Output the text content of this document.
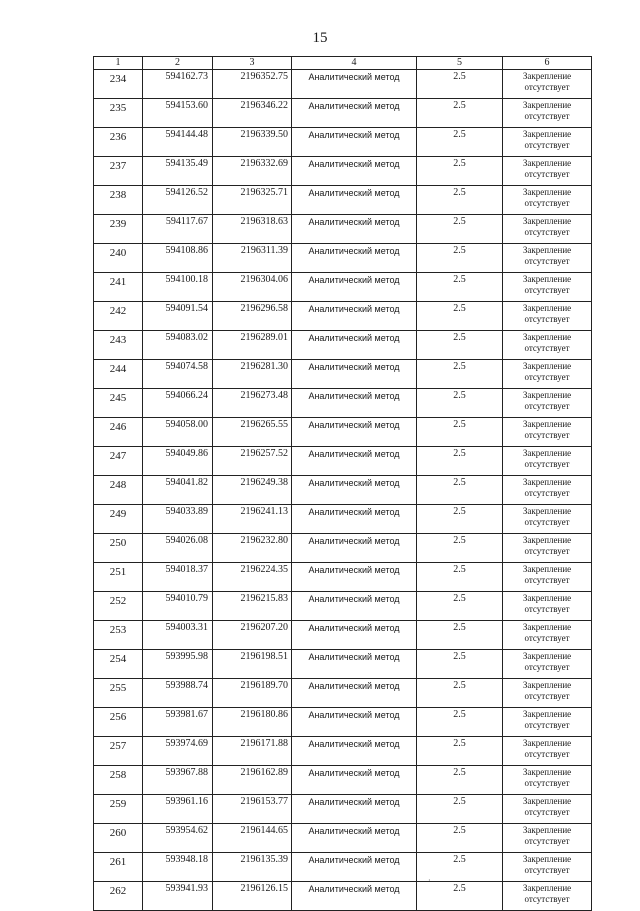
15
1	2	3	4	5	6
234	594162.73	2196352.75	Аналитический метод	2.5	Закрепление отсутствует
235	594153.60	2196346.22	Аналитический метод	2.5	Закрепление отсутствует
236	594144.48	2196339.50	Аналитический метод	2.5	Закрепление отсутствует
237	594135.49	2196332.69	Аналитический метод	2.5	Закрепление отсутствует
238	594126.52	2196325.71	Аналитический метод	2.5	Закрепление отсутствует
239	594117.67	2196318.63	Аналитический метод	2.5	Закрепление отсутствует
240	594108.86	2196311.39	Аналитический метод	2.5	Закрепление отсутствует
241	594100.18	2196304.06	Аналитический метод	2.5	Закрепление отсутствует
242	594091.54	2196296.58	Аналитический метод	2.5	Закрепление отсутствует
243	594083.02	2196289.01	Аналитический метод	2.5	Закрепление отсутствует
244	594074.58	2196281.30	Аналитический метод	2.5	Закрепление отсутствует
245	594066.24	2196273.48	Аналитический метод	2.5	Закрепление отсутствует
246	594058.00	2196265.55	Аналитический метод	2.5	Закрепление отсутствует
247	594049.86	2196257.52	Аналитический метод	2.5	Закрепление отсутствует
248	594041.82	2196249.38	Аналитический метод	2.5	Закрепление отсутствует
249	594033.89	2196241.13	Аналитический метод	2.5	Закрепление отсутствует
250	594026.08	2196232.80	Аналитический метод	2.5	Закрепление отсутствует
251	594018.37	2196224.35	Аналитический метод	2.5	Закрепление отсутствует
252	594010.79	2196215.83	Аналитический метод	2.5	Закрепление отсутствует
253	594003.31	2196207.20	Аналитический метод	2.5	Закрепление отсутствует
254	593995.98	2196198.51	Аналитический метод	2.5	Закрепление отсутствует
255	593988.74	2196189.70	Аналитический метод	2.5	Закрепление отсутствует
256	593981.67	2196180.86	Аналитический метод	2.5	Закрепление отсутствует
257	593974.69	2196171.88	Аналитический метод	2.5	Закрепление отсутствует
258	593967.88	2196162.89	Аналитический метод	2.5	Закрепление отсутствует
259	593961.16	2196153.77	Аналитический метод	2.5	Закрепление отсутствует
260	593954.62	2196144.65	Аналитический метод	2.5	Закрепление отсутствует
261	593948.18	2196135.39	Аналитический метод	2.5	Закрепление отсутствует
262	593941.93	2196126.15	Аналитический метод	2.5	Закрепление отсутствует
·
